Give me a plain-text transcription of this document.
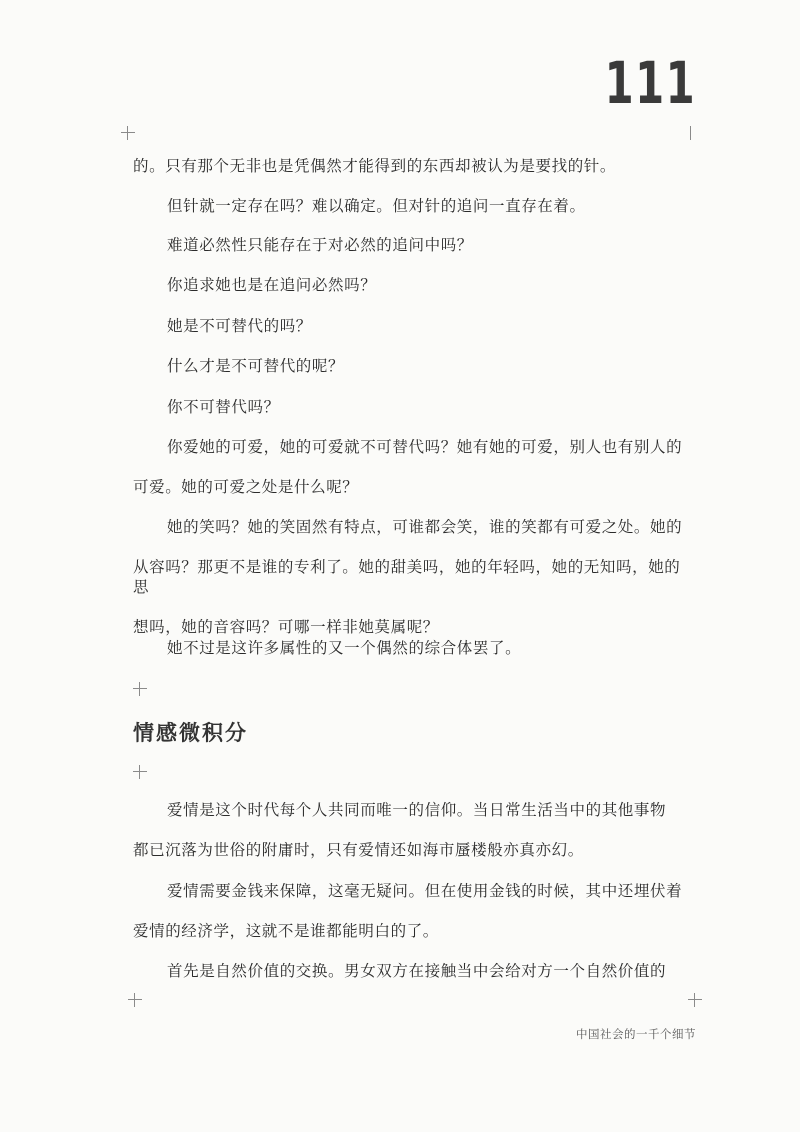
111

的。只有那个无非也是凭偶然才能得到的东西却被认为是要找的针。

但针就一定存在吗？难以确定。但对针的追问一直存在着。

难道必然性只能存在于对必然的追问中吗？

你追求她也是在追问必然吗？

她是不可替代的吗？

什么才是不可替代的呢？

你不可替代吗？

你爱她的可爱，她的可爱就不可替代吗？她有她的可爱，别人也有别人的
可爱。她的可爱之处是什么呢？

她的笑吗？她的笑固然有特点，可谁都会笑，谁的笑都有可爱之处。她的
从容吗？那更不是谁的专利了。她的甜美吗，她的年轻吗，她的无知吗，她的思
想吗，她的音容吗？可哪一样非她莫属呢？

她不过是这许多属性的又一个偶然的综合体罢了。

情感微积分

爱情是这个时代每个人共同而唯一的信仰。当日常生活当中的其他事物
都已沉落为世俗的附庸时，只有爱情还如海市蜃楼般亦真亦幻。

爱情需要金钱来保障，这毫无疑问。但在使用金钱的时候，其中还埋伏着
爱情的经济学，这就不是谁都能明白的了。

首先是自然价值的交换。男女双方在接触当中会给对方一个自然价值的

中国社会的一千个细节
